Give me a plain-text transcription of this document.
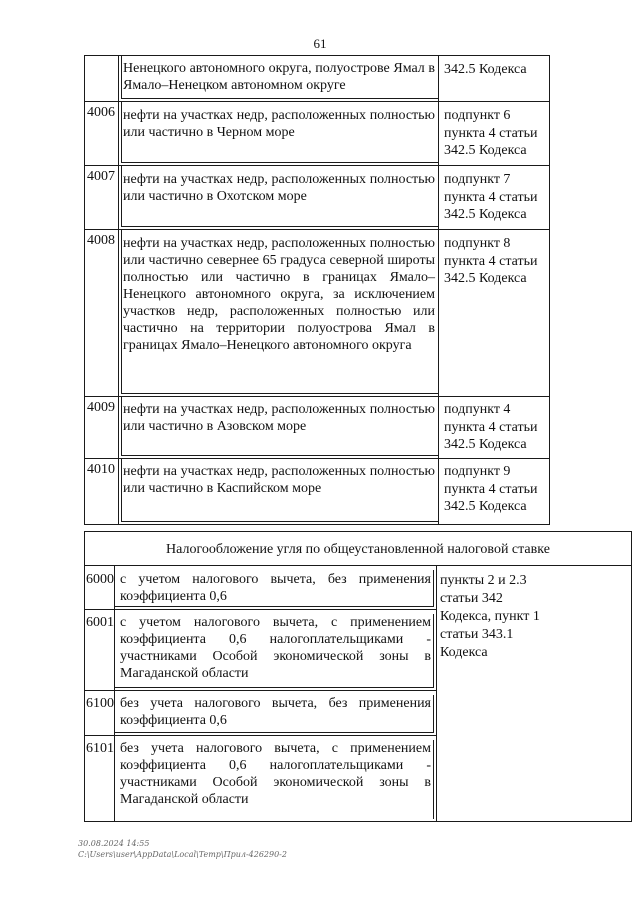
61
Ненецкого автономного округа, полуострове Ямал в Ямало–Ненецком автономном округе
342.5 Кодекса
4006 нефти на участках недр, расположенных полностью или частично в Черном море
подпункт 6 пункта 4 статьи 342.5 Кодекса
4007 нефти на участках недр, расположенных полностью или частично в Охотском море
подпункт 7 пункта 4 статьи 342.5 Кодекса
4008 нефти на участках недр, расположенных полностью или частично севернее 65 градуса северной широты полностью или частично в границах Ямало–Ненецкого автономного округа, за исключением участков недр, расположенных полностью или частично на территории полуострова Ямал в границах Ямало–Ненецкого автономного округа
подпункт 8 пункта 4 статьи 342.5 Кодекса
4009 нефти на участках недр, расположенных полностью или частично в Азовском море
подпункт 4 пункта 4 статьи 342.5 Кодекса
4010 нефти на участках недр, расположенных полностью или частично в Каспийском море
подпункт 9 пункта 4 статьи 342.5 Кодекса
Налогообложение угля по общеустановленной налоговой ставке
6000 с учетом налогового вычета, без применения коэффициента 0,6
6001 с учетом налогового вычета, с применением коэффициента 0,6 налогоплательщиками - участниками Особой экономической зоны в Магаданской области
6100 без учета налогового вычета, без применения коэффициента 0,6
6101 без учета налогового вычета, с применением коэффициента 0,6 налогоплательщиками - участниками Особой экономической зоны в Магаданской области
пункты 2 и 2.3 статьи 342 Кодекса, пункт 1 статьи 343.1 Кодекса
30.08.2024 14:55
C:\Users\user\AppData\Local\Temp\Прил-426290-2
